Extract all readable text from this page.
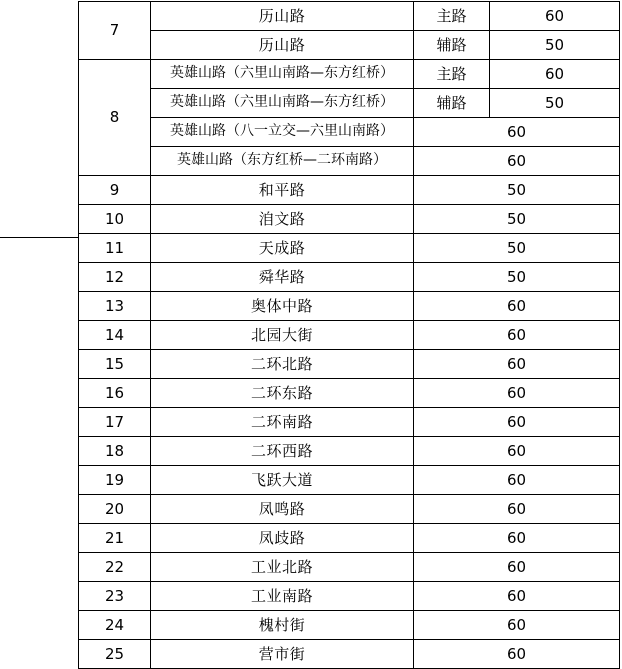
7	历山路	主路	60
	历山路	辅路	50
8	英雄山路（六里山南路—东方红桥）	主路	60
	英雄山路（六里山南路—东方红桥）	辅路	50
	英雄山路（八一立交—六里山南路）	60	
	英雄山路（东方红桥—二环南路）	60	
9	和平路	50	
10	洎文路	50	
11	天成路	50	
12	舜华路	50	
13	奥体中路	60	
14	北园大街	60	
15	二环北路	60	
16	二环东路	60	
17	二环南路	60	
18	二环西路	60	
19	飞跃大道	60	
20	凤鸣路	60	
21	凤歧路	60	
22	工业北路	60	
23	工业南路	60	
24	槐村街	60	
25	营市街	60	
